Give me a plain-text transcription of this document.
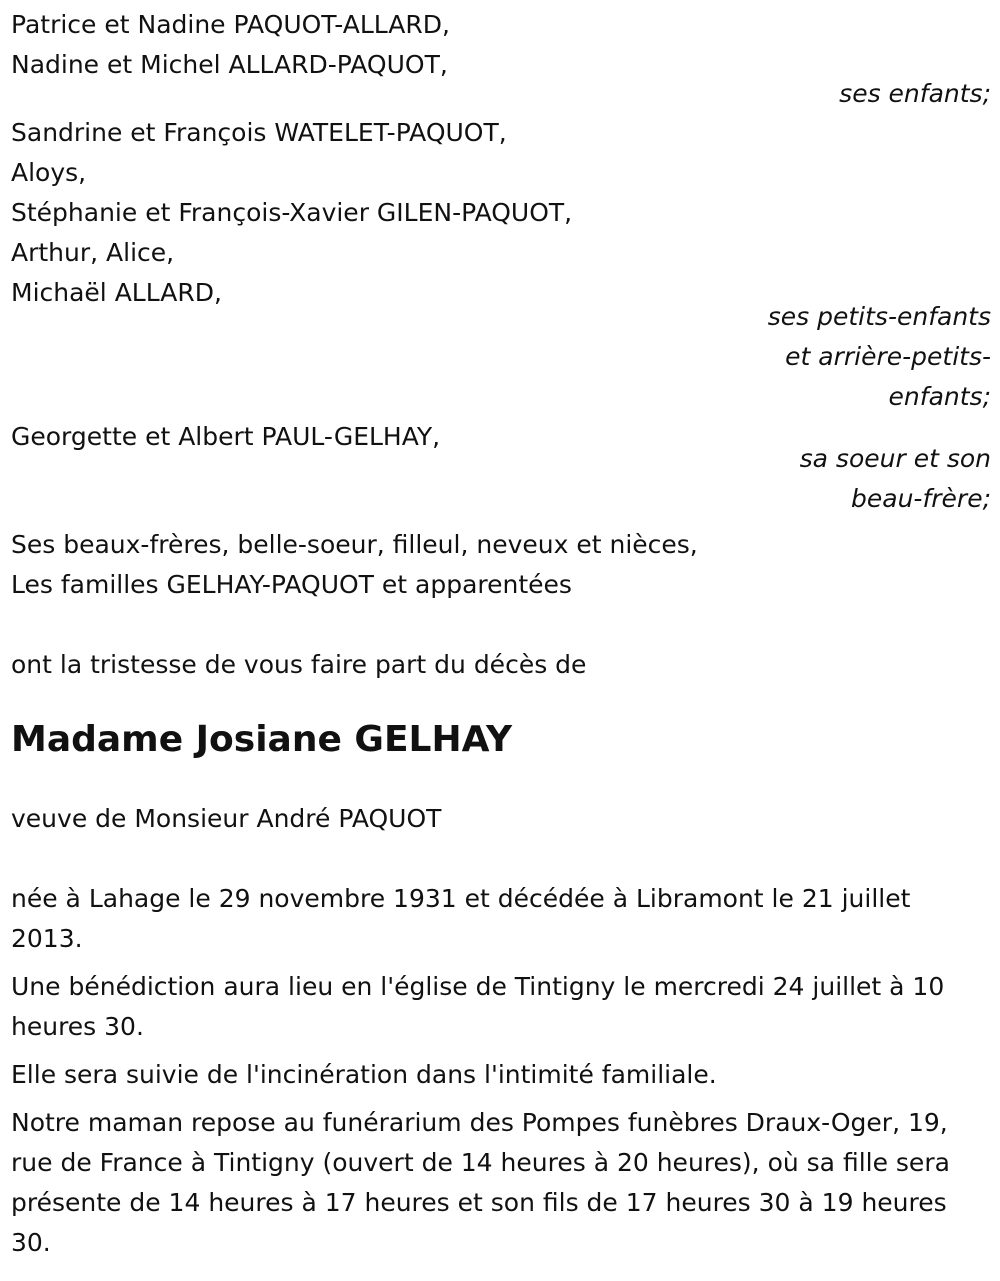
Patrice et Nadine PAQUOT-ALLARD,
Nadine et Michel ALLARD-PAQUOT,
ses enfants;
Sandrine et François WATELET-PAQUOT,
Aloys,
Stéphanie et François-Xavier GILEN-PAQUOT,
Arthur, Alice,
Michaël ALLARD,
ses petits-enfants
et arrière-petits-
enfants;
Georgette et Albert PAUL-GELHAY,
sa soeur et son
beau-frère;
Ses beaux-frères, belle-soeur, filleul, neveux et nièces,
Les familles GELHAY-PAQUOT et apparentées
ont la tristesse de vous faire part du décès de
Madame Josiane GELHAY
veuve de Monsieur André PAQUOT
née à Lahage le 29 novembre 1931 et décédée à Libramont le 21 juillet 2013.
Une bénédiction aura lieu en l'église de Tintigny le mercredi 24 juillet à 10 heures 30.
Elle sera suivie de l'incinération dans l'intimité familiale.
Notre maman repose au funérarium des Pompes funèbres Draux-Oger, 19, rue de France à Tintigny (ouvert de 14 heures à 20 heures), où sa fille sera présente de 14 heures à 17 heures et son fils de 17 heures 30 à 19 heures 30.
